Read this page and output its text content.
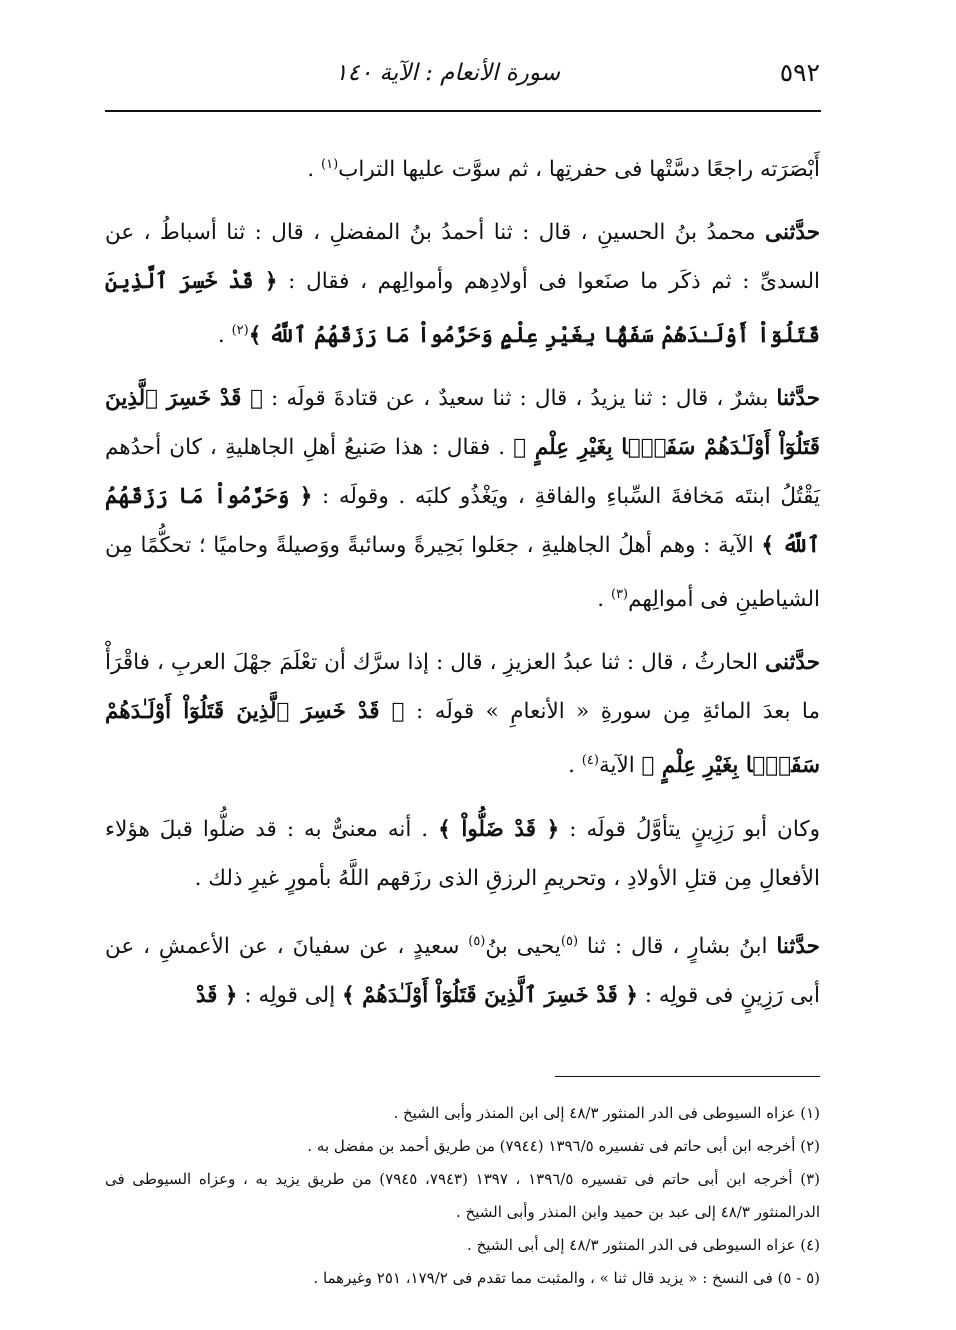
٥٩٢
سورة الأنعام : الآية ١٤٠

أَبْصَرَته راجعًا دسَّتْها فى حفرتِها ، ثم سوَّت عليها التراب$^{(١)}$ .

حدَّثنى محمدُ بنُ الحسينِ ، قال : ثنا أحمدُ بنُ المفضلِ ، قال : ثنا أسباطُ ، عن السدىِّ : ثم ذكَر ما صنَعوا فى أولادِهم وأموالِهم ، فقال : ﴿ قَدْ خَسِرَ ٱلَّذِينَ قَتَلُوٓاْ أَوْلَـٰدَهُمْ سَفَهًۢا بِغَيْرِ عِلْمٍ وَحَرَّمُواْ مَا رَزَقَهُمُ ٱللَّهُ ﴾$^{(٢)}$ .

حدَّثنا بشرٌ ، قال : ثنا يزيدُ ، قال : ثنا سعيدٌ ، عن قتادةَ قولَه : ﴿ قَدْ خَسِرَ ٱلَّذِينَ قَتَلُوٓاْ أَوْلَـٰدَهُمْ سَفَهًۢا بِغَيْرِ عِلْمٍ ﴾ . فقال : هذا صَنيعُ أهلِ الجاهليةِ ، كان أحدُهم يَقْتُلُ ابنتَه مَخافةَ السِّباءِ والفاقةِ ، ويَغْذُو كلبَه . وقولَه : ﴿ وَحَرَّمُواْ مَا رَزَقَهُمُ ٱللَّهُ ﴾ الآية : وهم أهلُ الجاهليةِ ، جعَلوا بَحِيرةً وسائبةً ووَصيلةً وحاميًا ؛ تحكُّمًا مِن الشياطينِ فى أموالِهم$^{(٣)}$ .

حدَّثنى الحارثُ ، قال : ثنا عبدُ العزيزِ ، قال : إذا سرَّك أن تعْلَمَ جهْلَ العربِ ، فاقْرَأْ ما بعدَ المائةِ مِن سورةِ « الأنعامِ » قولَه : ﴿ قَدْ خَسِرَ ٱلَّذِينَ قَتَلُوٓاْ أَوْلَـٰدَهُمْ سَفَهًۢا بِغَيْرِ عِلْمٍ ﴾ الآية$^{(٤)}$ .

وكان أبو رَزِينٍ يتأوَّلُ قولَه : ﴿ قَدْ ضَلُّواْ ﴾ . أنه معنىٌّ به : قد ضلُّوا قبلَ هؤلاء الأفعالِ مِن قتلِ الأولادِ ، وتحريمِ الرزقِ الذى رزَقهم اللَّهُ بأمورٍ غيرِ ذلك .

حدَّثنا ابنُ بشارٍ ، قال : ثنا $^{(٥)}$يحيى بنُ$^{(٥)}$ سعيدٍ ، عن سفيانَ ، عن الأعمشِ ، عن أبى رَزِينٍ فى قولِه : ﴿ قَدْ خَسِرَ ٱلَّذِينَ قَتَلُوٓاْ أَوْلَـٰدَهُمْ ﴾ إلى قولِه : ﴿ قَدْ

(١) عزاه السيوطى فى الدر المنثور ٤٨/٣ إلى ابن المنذر وأبى الشيخ .

(٢) أخرجه ابن أبى حاتم فى تفسيره ١٣٩٦/٥ (٧٩٤٤) من طريق أحمد بن مفضل به .

(٣) أخرجه ابن أبى حاتم فى تفسيره ١٣٩٦/٥ ، ١٣٩٧ (٧٩٤٣، ٧٩٤٥) من طريق يزيد به ، وعزاه السيوطى فى الدرالمنثور ٤٨/٣ إلى عبد بن حميد وابن المنذر وأبى الشيخ .

(٤) عزاه السيوطى فى الدر المنثور ٤٨/٣ إلى أبى الشيخ .

(٥ - ٥) فى النسخ : « يزيد قال ثنا » ، والمثبت مما تقدم فى ١٧٩/٢، ٢٥١ وغيرهما .
